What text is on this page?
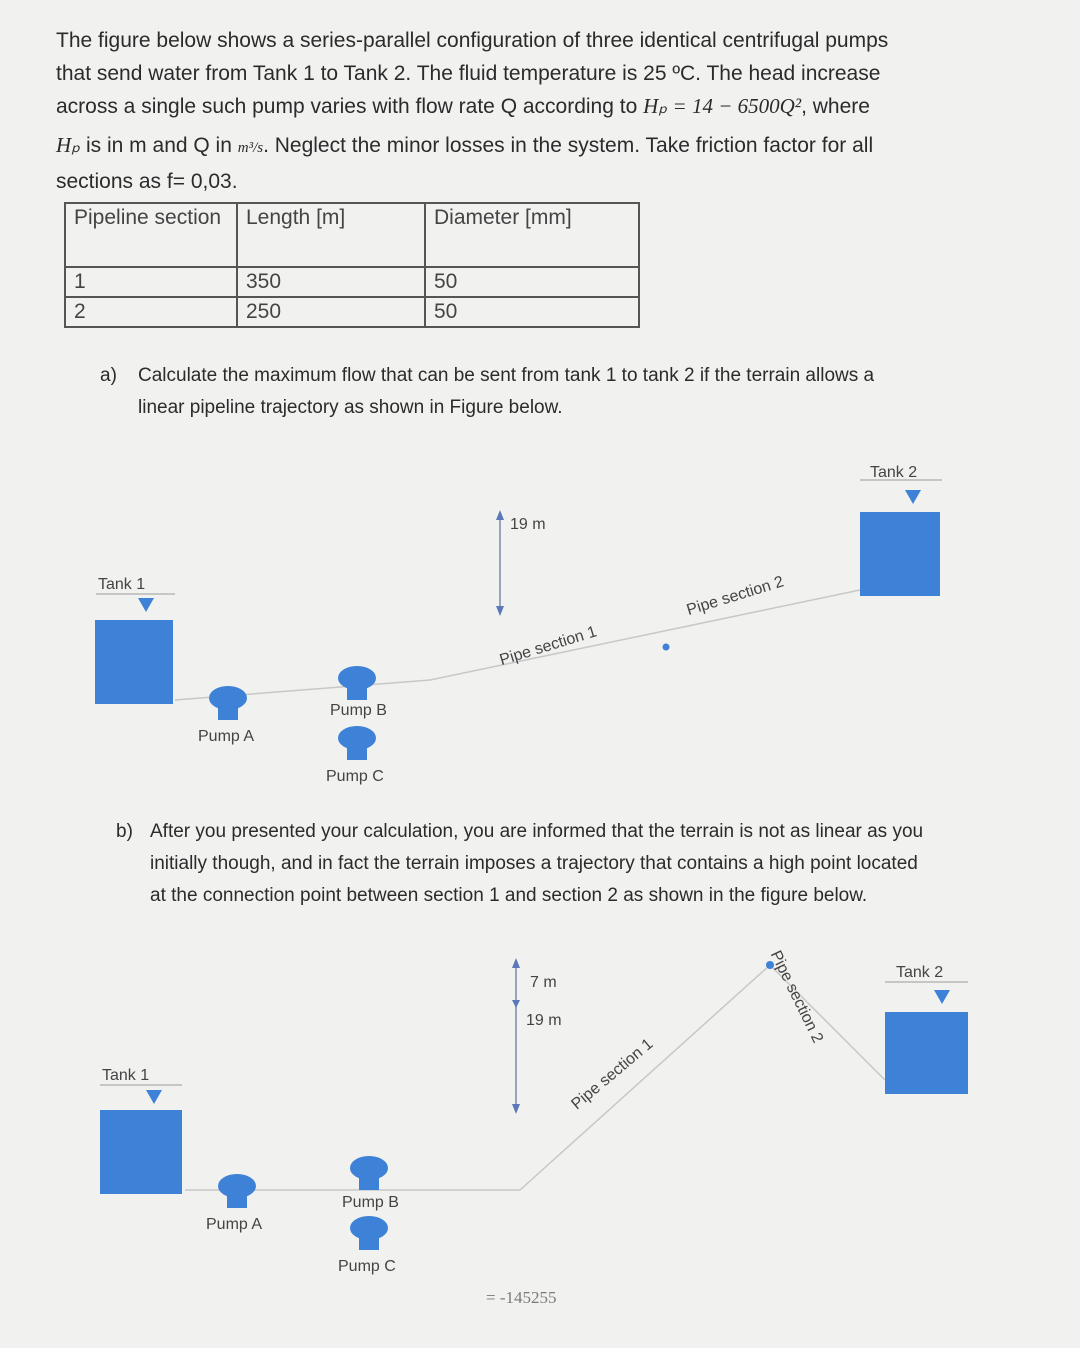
The figure below shows a series-parallel configuration of three identical centrifugal pumps
that send water from Tank 1 to Tank 2. The fluid temperature is 25 ºC. The head increase
across a single such pump varies with flow rate Q according to Hₚ = 14 − 6500Q², where
Hₚ is in m and Q in m³/s. Neglect the minor losses in the system. Take friction factor for all
sections as f= 0,03.
Pipeline section	Length [m]	Diameter [mm]
1	350	50
2	250	50
a) Calculate the maximum flow that can be sent from tank 1 to tank 2 if the terrain allows a
linear pipeline trajectory as shown in Figure below.
Tank 1
Tank 2
Pump A
Pump B
Pump C
19 m
Pipe section 1
Pipe section 2
b) After you presented your calculation, you are informed that the terrain is not as linear as you
initially though, and in fact the terrain imposes a trajectory that contains a high point located
at the connection point between section 1 and section 2 as shown in the figure below.
Tank 1
Tank 2
Pump A
Pump B
Pump C
7 m
19 m
Pipe section 1
Pipe section 2
= -145255
